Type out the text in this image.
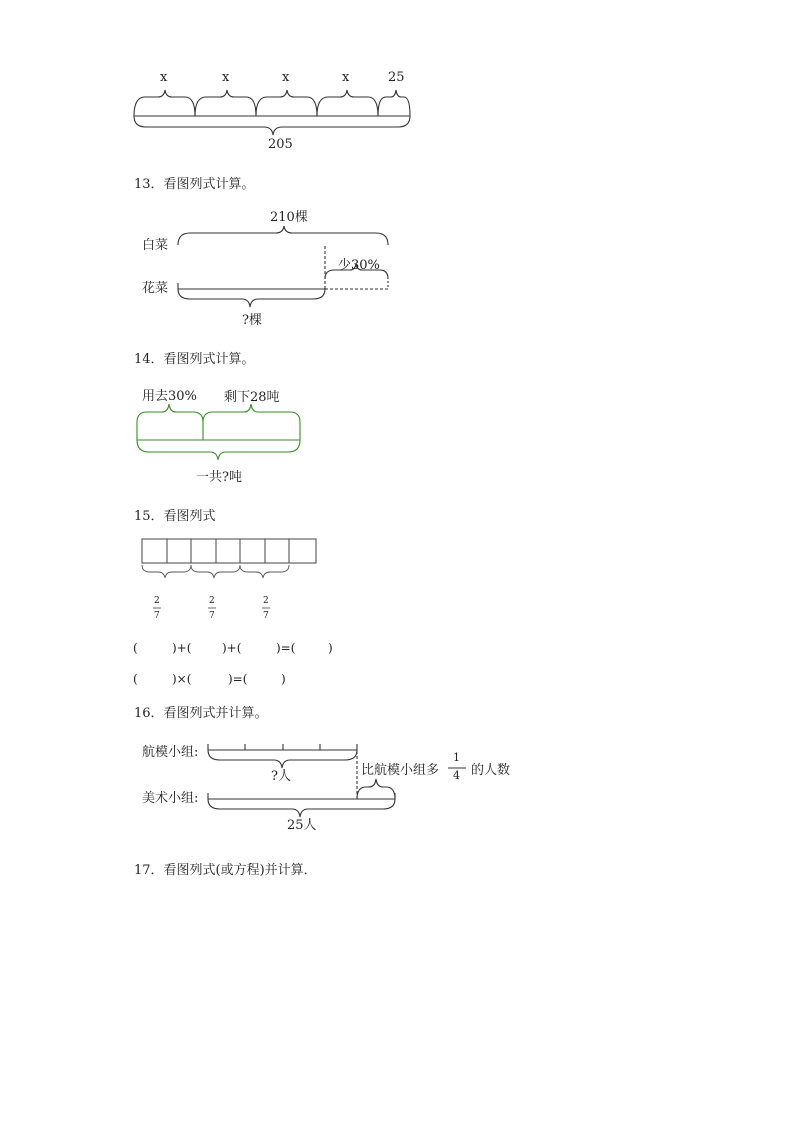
x	x	x	x	25
205
13．看图列式计算。
210棵
白菜
少30%
花菜
?棵
14．看图列式计算。
用去30% 剩下28吨
一共?吨
15．看图列式
2
7
2
7
2
7
(	)+(	)+(	)=(	)
(	)×(	)=(	)
16．看图列式并计算。
航模小组:
?人	比航模小组多
1
4 的人数
美术小组:
25人
17．看图列式(或方程)并计算．
